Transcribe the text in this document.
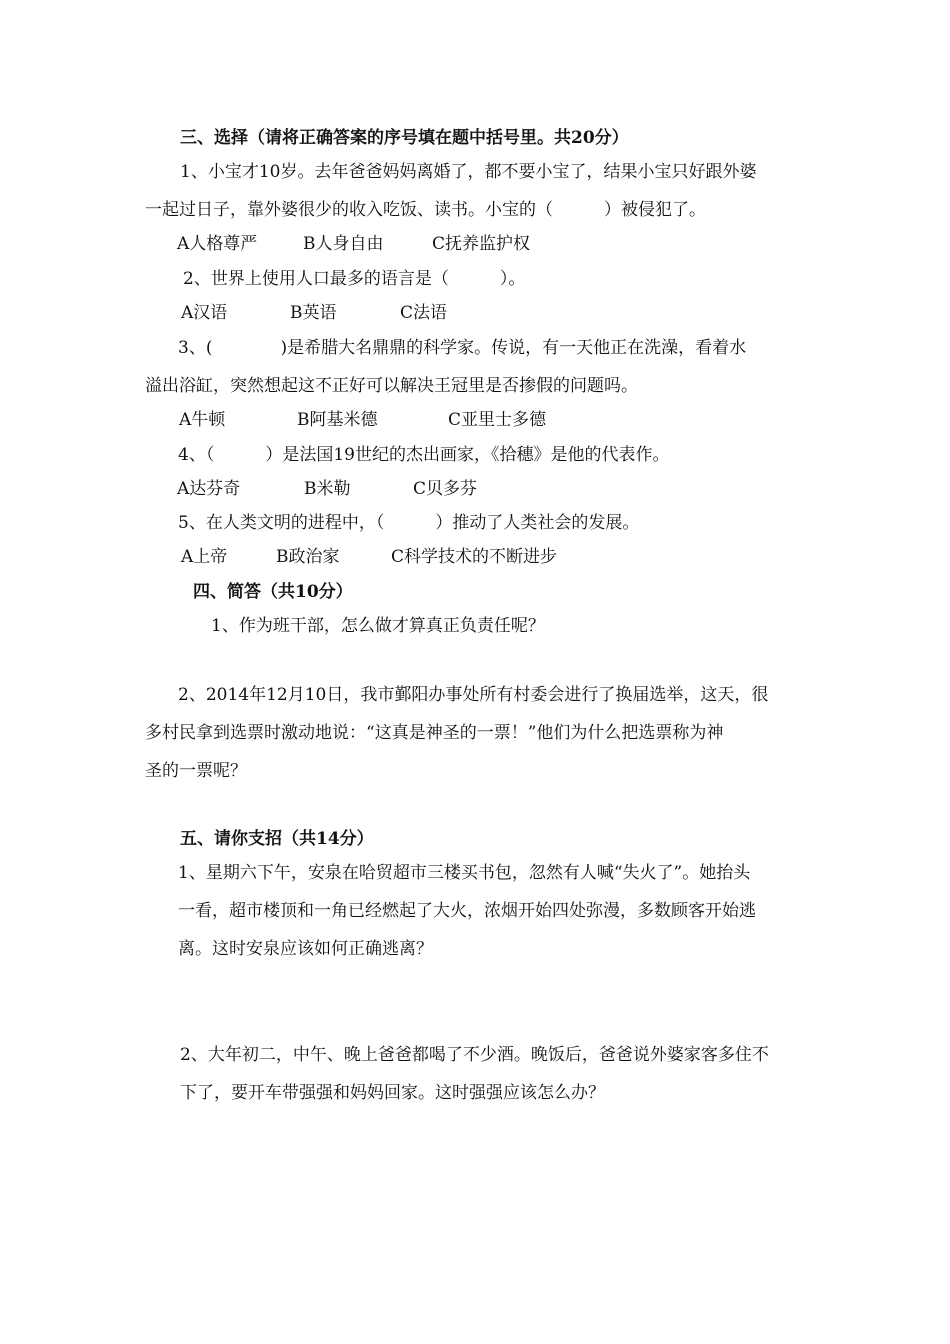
三、选择（请将正确答案的序号填在题中括号里。共20分）
1、小宝才10岁。去年爸爸妈妈离婚了，都不要小宝了，结果小宝只好跟外婆
一起过日子，靠外婆很少的收入吃饭、读书。小宝的（　　　）被侵犯了。
A人格尊严	B人身自由	C抚养监护权
2、世界上使用人口最多的语言是（　　　）。
A汉语	B英语	C法语
3、(　　　　)是希腊大名鼎鼎的科学家。传说，有一天他正在洗澡，看着水
溢出浴缸，突然想起这不正好可以解决王冠里是否掺假的问题吗。
A牛顿	B阿基米德	C亚里士多德
4、（　　　）是法国19世纪的杰出画家，《拾穗》是他的代表作。
A达芬奇	B米勒	C贝多芬
5、在人类文明的进程中，（　　　）推动了人类社会的发展。
A上帝	B政治家	C科学技术的不断进步
四、简答（共10分）
1、作为班干部，怎么做才算真正负责任呢？
2、2014年12月10日，我市鄞阳办事处所有村委会进行了换届选举，这天，很
多村民拿到选票时激动地说：“这真是神圣的一票！”他们为什么把选票称为神
圣的一票呢？
五、请你支招（共14分）
1、星期六下午，安泉在哈贸超市三楼买书包，忽然有人喊“失火了”。她抬头
一看，超市楼顶和一角已经燃起了大火，浓烟开始四处弥漫，多数顾客开始逃
离。这时安泉应该如何正确逃离？
2、大年初二，中午、晚上爸爸都喝了不少酒。晚饭后，爸爸说外婆家客多住不
下了，要开车带强强和妈妈回家。这时强强应该怎么办？
